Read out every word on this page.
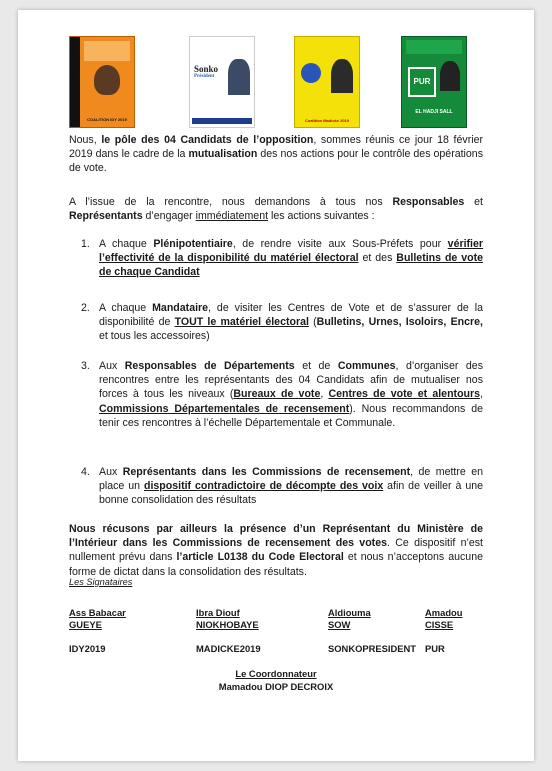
COALITION IDY 2019
Sonko
Président
Coalition Madické 2019
PUR
EL HADJI SALL

Nous, le pôle des 04 Candidats de l’opposition, sommes réunis ce jour 18 février 2019 dans le cadre de la mutualisation des nos actions pour le contrôle des opérations de vote.

A l’issue de la rencontre, nous demandons à tous nos Responsables et Représentants d’engager immédiatement les actions suivantes :

1. A chaque Plénipotentiaire, de rendre visite aux Sous-Préfets pour vérifier l’effectivité de la disponibilité du matériel électoral et des Bulletins de vote de chaque Candidat
2. A chaque Mandataire, de visiter les Centres de Vote et de s’assurer de la disponibilité de TOUT le matériel électoral (Bulletins, Urnes, Isoloirs, Encre, et tous les accessoires)
3. Aux Responsables de Départements et de Communes, d’organiser des rencontres entre les représentants des 04 Candidats afin de mutualiser nos forces à tous les niveaux (Bureaux de vote, Centres de vote et alentours, Commissions Départementales de recensement). Nous recommandons de tenir ces rencontres à l’échelle Départementale et Communale.
4. Aux Représentants dans les Commissions de recensement, de mettre en place un dispositif contradictoire de décompte des voix afin de veiller à une bonne consolidation des résultats

Nous récusons par ailleurs la présence d’un Représentant du Ministère de l’Intérieur dans les Commissions de recensement des votes. Ce dispositif n’est nullement prévu dans l’article L0138 du Code Electoral et nous n’acceptons aucune forme de dictat dans la consolidation des résultats.

Les Signataires
Ass Babacar
GUEYE
IDY2019
Ibra Diouf
NIOKHOBAYE
MADICKE2019
Aldiouma
SOW
SONKOPRESIDENT
Amadou
CISSE
PUR
Le Coordonnateur
Mamadou DIOP DECROIX
